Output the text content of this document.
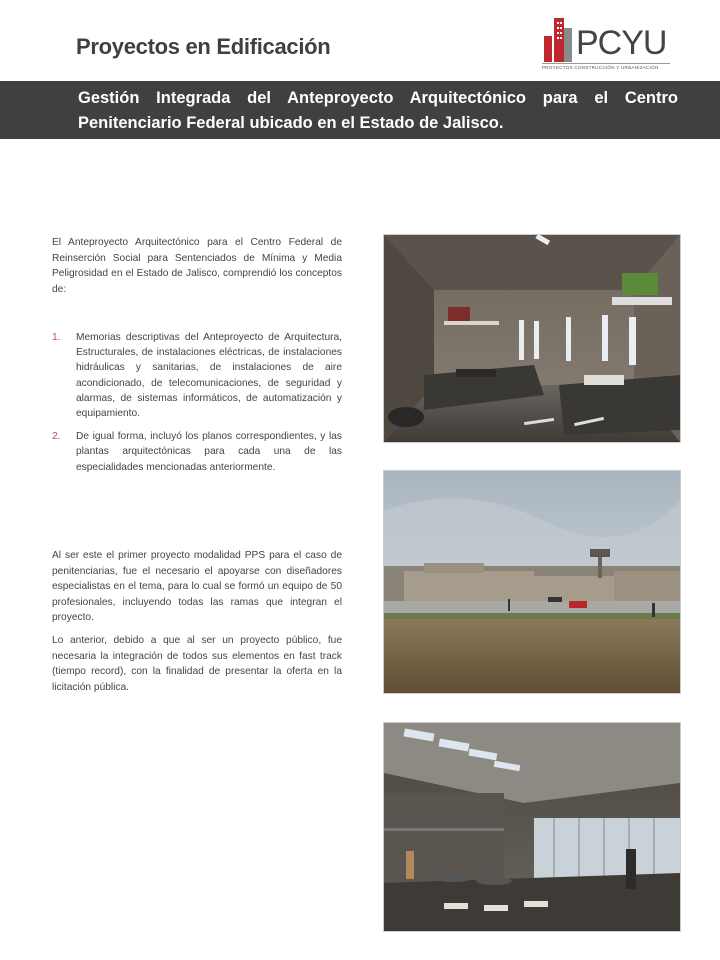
Proyectos en Edificación	PCYU
PROYECTOS CONSTRUCCIÓN Y URBANIZACIÓN
Gestión Integrada del Anteproyecto Arquitectónico para el Centro Penitenciario Federal ubicado en el Estado de Jalisco.
El Anteproyecto Arquitectónico para el Centro Federal de Reinserción Social para Sentenciados de Mínima y Media Peligrosidad en el Estado de Jalisco, comprendió los conceptos de:
1. Memorias descriptivas del Anteproyecto de Arquitectura, Estructurales, de instalaciones eléctricas, de instalaciones hidráulicas y sanitarias, de instalaciones de aire acondicionado, de telecomunicaciones, de seguridad y alarmas, de sistemas informáticos, de automatización y equipamiento.
2. De igual forma, incluyó los planos correspondientes, y las plantas arquitectónicas para cada una de las especialidades mencionadas anteriormente.
Al ser este el primer proyecto modalidad PPS para el caso de penitenciarias, fue el necesario el apoyarse con diseñadores especialistas en el tema, para lo cual se formó un equipo de 50 profesionales, incluyendo todas las ramas que integran el proyecto.
Lo anterior, debido a que al ser un proyecto público, fue necesaria la integración de todos sus elementos en fast track (tiempo record), con la finalidad de presentar la oferta en la licitación pública.
